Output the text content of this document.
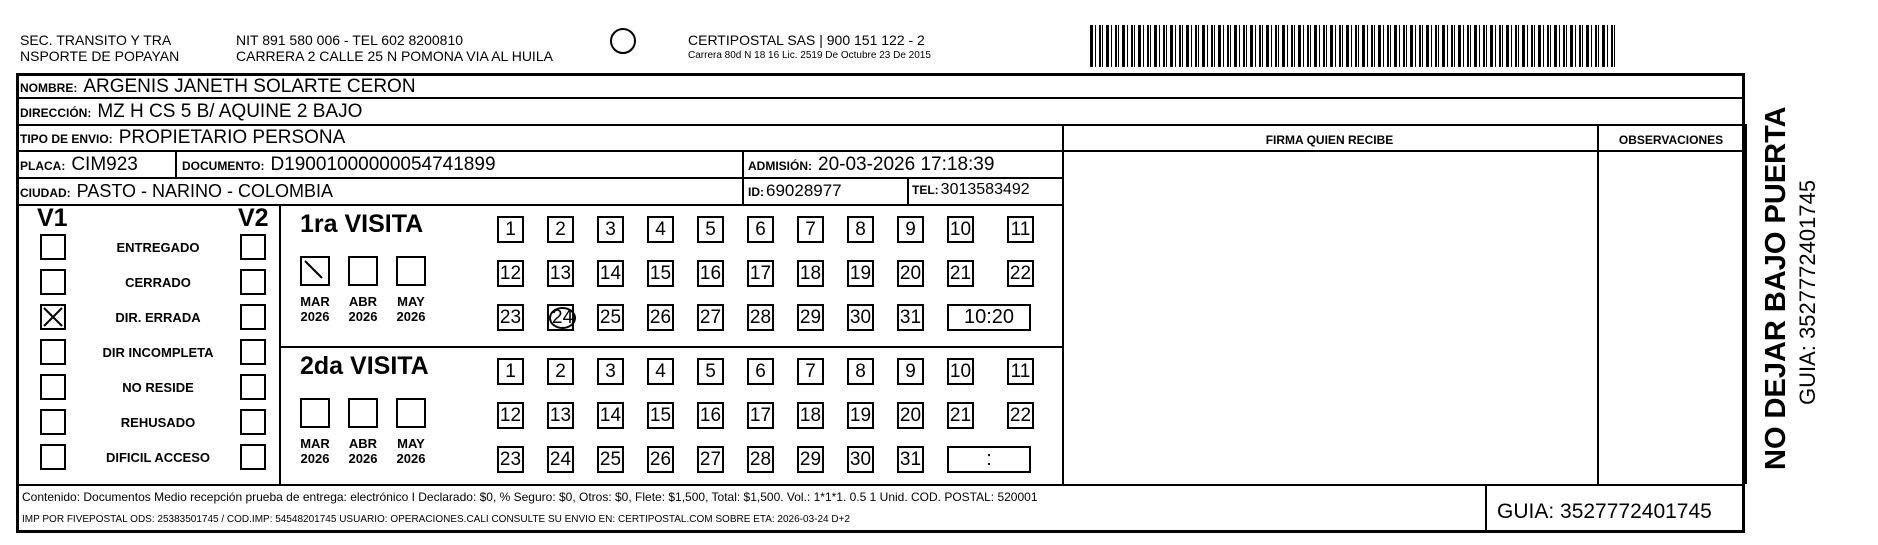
SEC. TRANSITO Y TRA
NSPORTE DE POPAYAN
NIT 891 580 006 - TEL 602 8200810
CARRERA 2 CALLE 25 N POMONA VIA AL HUILA
CERTIPOSTAL SAS | 900 151 122 - 2
Carrera 80d N 18 16 Lic. 2519 De Octubre 23 De 2015
NOMBRE: ARGENIS JANETH SOLARTE CERON
DIRECCIÓN: MZ H CS 5 B/ AQUINE 2 BAJO
TIPO DE ENVIO: PROPIETARIO PERSONA
PLACA: CIM923	DOCUMENTO: D19001000000054741899	ADMISIÓN: 20-03-2026 17:18:39
CIUDAD: PASTO - NARINO - COLOMBIA	ID: 69028977	TEL: 3013583492
FIRMA QUIEN RECIBE	OBSERVACIONES
V1	V2
ENTREGADO
CERRADO
DIR. ERRADA
DIR INCOMPLETA
NO RESIDE
REHUSADO
DIFICIL ACCESO
1ra VISITA
MAR
2026
ABR
2026
MAY
2026
1	2	3	4	5	6	7	8	9	10 11
12 13 14 15 16 17 18 19 20 21 22
23 24 25 26 27 28 29 30 31	10:20
2da VISITA
MAR
2026
ABR
2026
MAY
2026
1	2	3	4	5	6	7	8	9	10 11
12 13 14 15 16 17 18 19 20 21 22
23 24 25 26 27 28 29 30 31	:
Contenido: Documentos Medio recepción prueba de entrega: electrónico I Declarado: $0, % Seguro: $0, Otros: $0, Flete: $1,500, Total: $1,500. Vol.: 1*1*1. 0.5 1 Unid. COD. POSTAL: 520001
IMP POR FIVEPOSTAL ODS: 25383501745 / COD.IMP: 54548201745 USUARIO: OPERACIONES.CALI CONSULTE SU ENVIO EN: CERTIPOSTAL.COM SOBRE ETA: 2026-03-24 D+2	GUIA: 3527772401745
NO DEJAR BAJO PUERTA GUIA: 3527772401745
